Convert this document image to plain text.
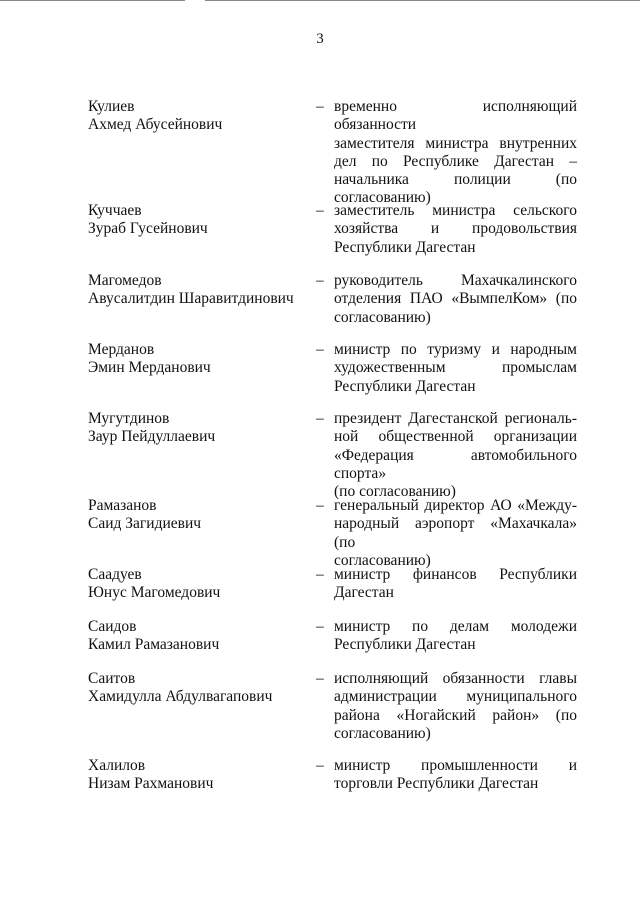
3
Кулиев
Ахмед Абусейнович
– временно исполняющий обязанности
заместителя министра внутренних
дел по Республике Дагестан –
начальника полиции (по
согласованию)
Куччаев
Зураб Гусейнович
– заместитель министра сельского
хозяйства и продовольствия
Республики Дагестан
Магомедов
Авусалитдин Шаравитдинович
– руководитель Махачкалинского
отделения ПАО «ВымпелКом» (по
согласованию)
Мерданов
Эмин Мерданович
– министр по туризму и народным
художественным промыслам
Республики Дагестан
Мугутдинов
Заур Пейдуллаевич
– президент Дагестанской региональ-
ной общественной организации
«Федерация автомобильного спорта»
(по согласованию)
Рамазанов
Саид Загидиевич
– генеральный директор АО «Между-
народный аэропорт «Махачкала» (по
согласованию)
Саадуев
Юнус Магомедович
– министр финансов Республики
Дагестан
Саидов
Камил Рамазанович
– министр по делам молодежи
Республики Дагестан
Саитов
Хамидулла Абдулвагапович
– исполняющий обязанности главы
администрации муниципального
района «Ногайский район» (по
согласованию)
Халилов
Низам Рахманович
– министр промышленности и
торговли Республики Дагестан
